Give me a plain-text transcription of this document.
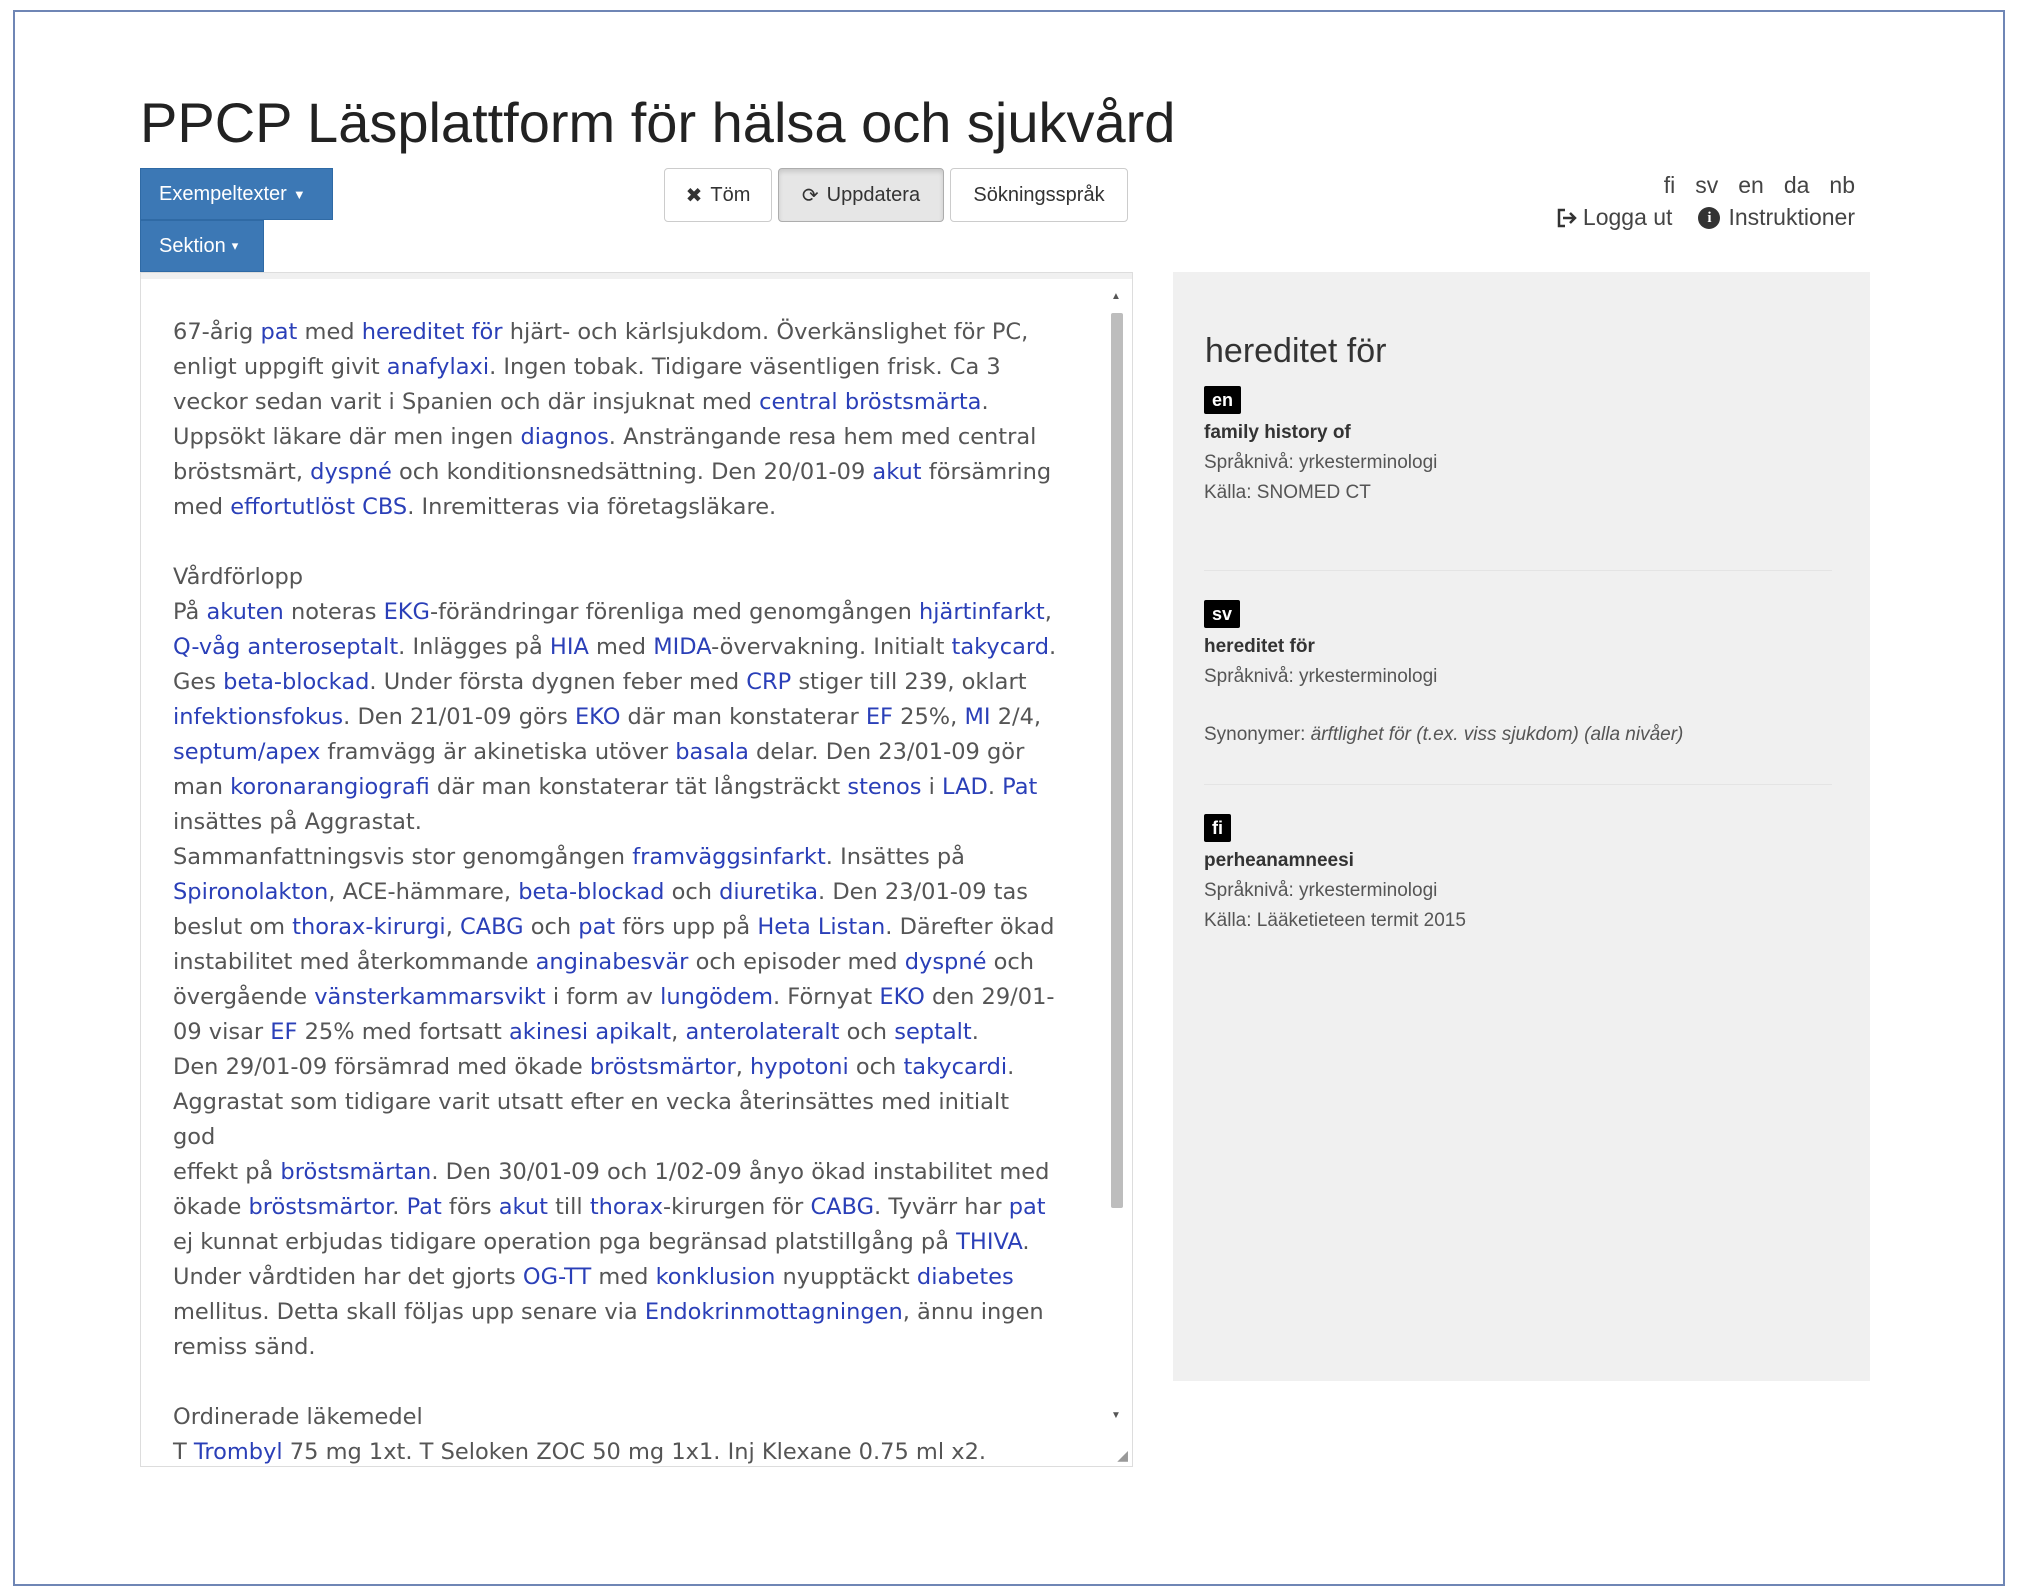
PPCP Läsplattform för hälsa och sjukvård
Exempeltexter ▼
Sektion ▾
✖ Töm	⟳ Uppdatera	Sökningsspråk	fi sv en da nb
Logga ut	i Instruktioner

67-årig pat med hereditet för hjärt- och kärlsjukdom. Överkänslighet för PC,
enligt uppgift givit anafylaxi. Ingen tobak. Tidigare väsentligen frisk. Ca 3
veckor sedan varit i Spanien och där insjuknat med central bröstsmärta.
Uppsökt läkare där men ingen diagnos. Ansträngande resa hem med central
bröstsmärt, dyspné och konditionsnedsättning. Den 20/01-09 akut försämring
med effortutlöst CBS. Inremitteras via företagsläkare.

Vårdförlopp

På akuten noteras EKG-förändringar förenliga med genomgången hjärtinfarkt,
Q-våg anteroseptalt. Inlägges på HIA med MIDA-övervakning. Initialt takycard.
Ges beta-blockad. Under första dygnen feber med CRP stiger till 239, oklart
infektionsfokus. Den 21/01-09 görs EKO där man konstaterar EF 25%, MI 2/4,
septum/apex framvägg är akinetiska utöver basala delar. Den 23/01-09 gör
man koronarangiografi där man konstaterar tät långsträckt stenos i LAD. Pat
insättes på Aggrastat.
Sammanfattningsvis stor genomgången framväggsinfarkt. Insättes på
Spironolakton, ACE-hämmare, beta-blockad och diuretika. Den 23/01-09 tas
beslut om thorax-kirurgi, CABG och pat förs upp på Heta Listan. Därefter ökad
instabilitet med återkommande anginabesvär och episoder med dyspné och
övergående vänsterkammarsvikt i form av lungödem. Förnyat EKO den 29/01-
09 visar EF 25% med fortsatt akinesi apikalt, anterolateralt och septalt.
Den 29/01-09 försämrad med ökade bröstsmärtor, hypotoni och takycardi.
Aggrastat som tidigare varit utsatt efter en vecka återinsättes med initialt god
effekt på bröstsmärtan. Den 30/01-09 och 1/02-09 ånyo ökad instabilitet med
ökade bröstsmärtor. Pat förs akut till thorax-kirurgen för CABG. Tyvärr har pat
ej kunnat erbjudas tidigare operation pga begränsad platstillgång på THIVA.
Under vårdtiden har det gjorts OG-TT med konklusion nyupptäckt diabetes
mellitus. Detta skall följas upp senare via Endokrinmottagningen, ännu ingen
remiss sänd.

Ordinerade läkemedel

T Trombyl 75 mg 1xt. T Seloken ZOC 50 mg 1x1. Inj Klexane 0.75 ml x2.

▲
▼
◢
hereditet för
en
family history of
Språknivå: yrkesterminologi
Källa: SNOMED CT
sv
hereditet för
Språknivå: yrkesterminologi
Synonymer: ärftlighet för (t.ex. viss sjukdom) (alla nivåer)
fi
perheanamneesi
Språknivå: yrkesterminologi
Källa: Lääketieteen termit 2015
